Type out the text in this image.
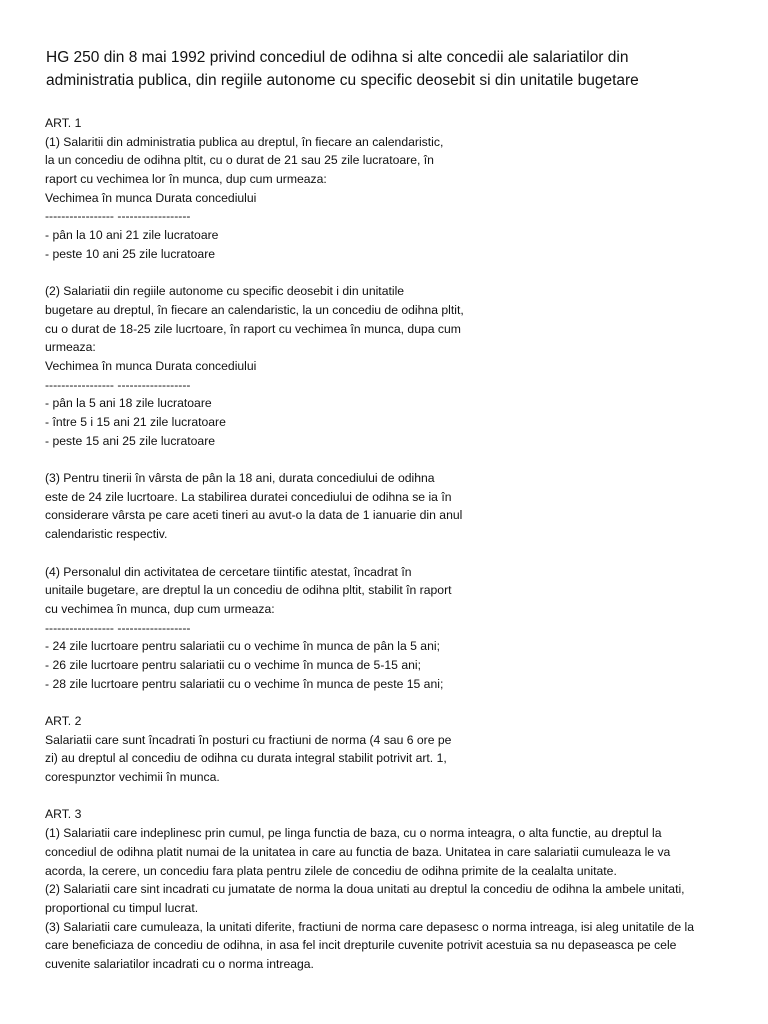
HG 250 din 8 mai 1992 privind concediul de odihna si alte concedii ale salariatilor din
administratia publica, din regiile autonome cu specific deosebit si din unitatile bugetare
ART. 1
(1) Salaritii din administratia publica au dreptul, în fiecare an calendaristic,
la un concediu de odihna pltit, cu o durat de 21 sau 25 zile lucratoare, în
raport cu vechimea lor în munca, dup cum urmeaza:
Vechimea în munca Durata concediului
----------------- ------------------
- pân la 10 ani 21 zile lucratoare
- peste 10 ani 25 zile lucratoare
(2) Salariatii din regiile autonome cu specific deosebit i din unitatile
bugetare au dreptul, în fiecare an calendaristic, la un concediu de odihna pltit,
cu o durat de 18-25 zile lucrtoare, în raport cu vechimea în munca, dupa cum
urmeaza:
Vechimea în munca Durata concediului
----------------- ------------------
- pân la 5 ani 18 zile lucratoare
- între 5 i 15 ani 21 zile lucratoare
- peste 15 ani 25 zile lucratoare
(3) Pentru tinerii în vârsta de pân la 18 ani, durata concediului de odihna
este de 24 zile lucrtoare. La stabilirea duratei concediului de odihna se ia în
considerare vârsta pe care aceti tineri au avut-o la data de 1 ianuarie din anul
calendaristic respectiv.
(4) Personalul din activitatea de cercetare tiintific atestat, încadrat în
unitaile bugetare, are dreptul la un concediu de odihna pltit, stabilit în raport
cu vechimea în munca, dup cum urmeaza:
----------------- ------------------
- 24 zile lucrtoare pentru salariatii cu o vechime în munca de pân la 5 ani;
- 26 zile lucrtoare pentru salariatii cu o vechime în munca de 5-15 ani;
- 28 zile lucrtoare pentru salariatii cu o vechime în munca de peste 15 ani;
ART. 2
Salariatii care sunt încadrati în posturi cu fractiuni de norma (4 sau 6 ore pe
zi) au dreptul al concediu de odihna cu durata integral stabilit potrivit art. 1,
corespunztor vechimii în munca.
ART. 3
(1) Salariatii care indeplinesc prin cumul, pe linga functia de baza, cu o norma inteagra, o alta functie, au dreptul la
concediul de odihna platit numai de la unitatea in care au functia de baza. Unitatea in care salariatii cumuleaza le va
acorda, la cerere, un concediu fara plata pentru zilele de concediu de odihna primite de la cealalta unitate.
(2) Salariatii care sint incadrati cu jumatate de norma la doua unitati au dreptul la concediu de odihna la ambele unitati,
proportional cu timpul lucrat.
(3) Salariatii care cumuleaza, la unitati diferite, fractiuni de norma care depasesc o norma intreaga, isi aleg unitatile de la
care beneficiaza de concediu de odihna, in asa fel incit drepturile cuvenite potrivit acestuia sa nu depaseasca pe cele
cuvenite salariatilor incadrati cu o norma intreaga.
